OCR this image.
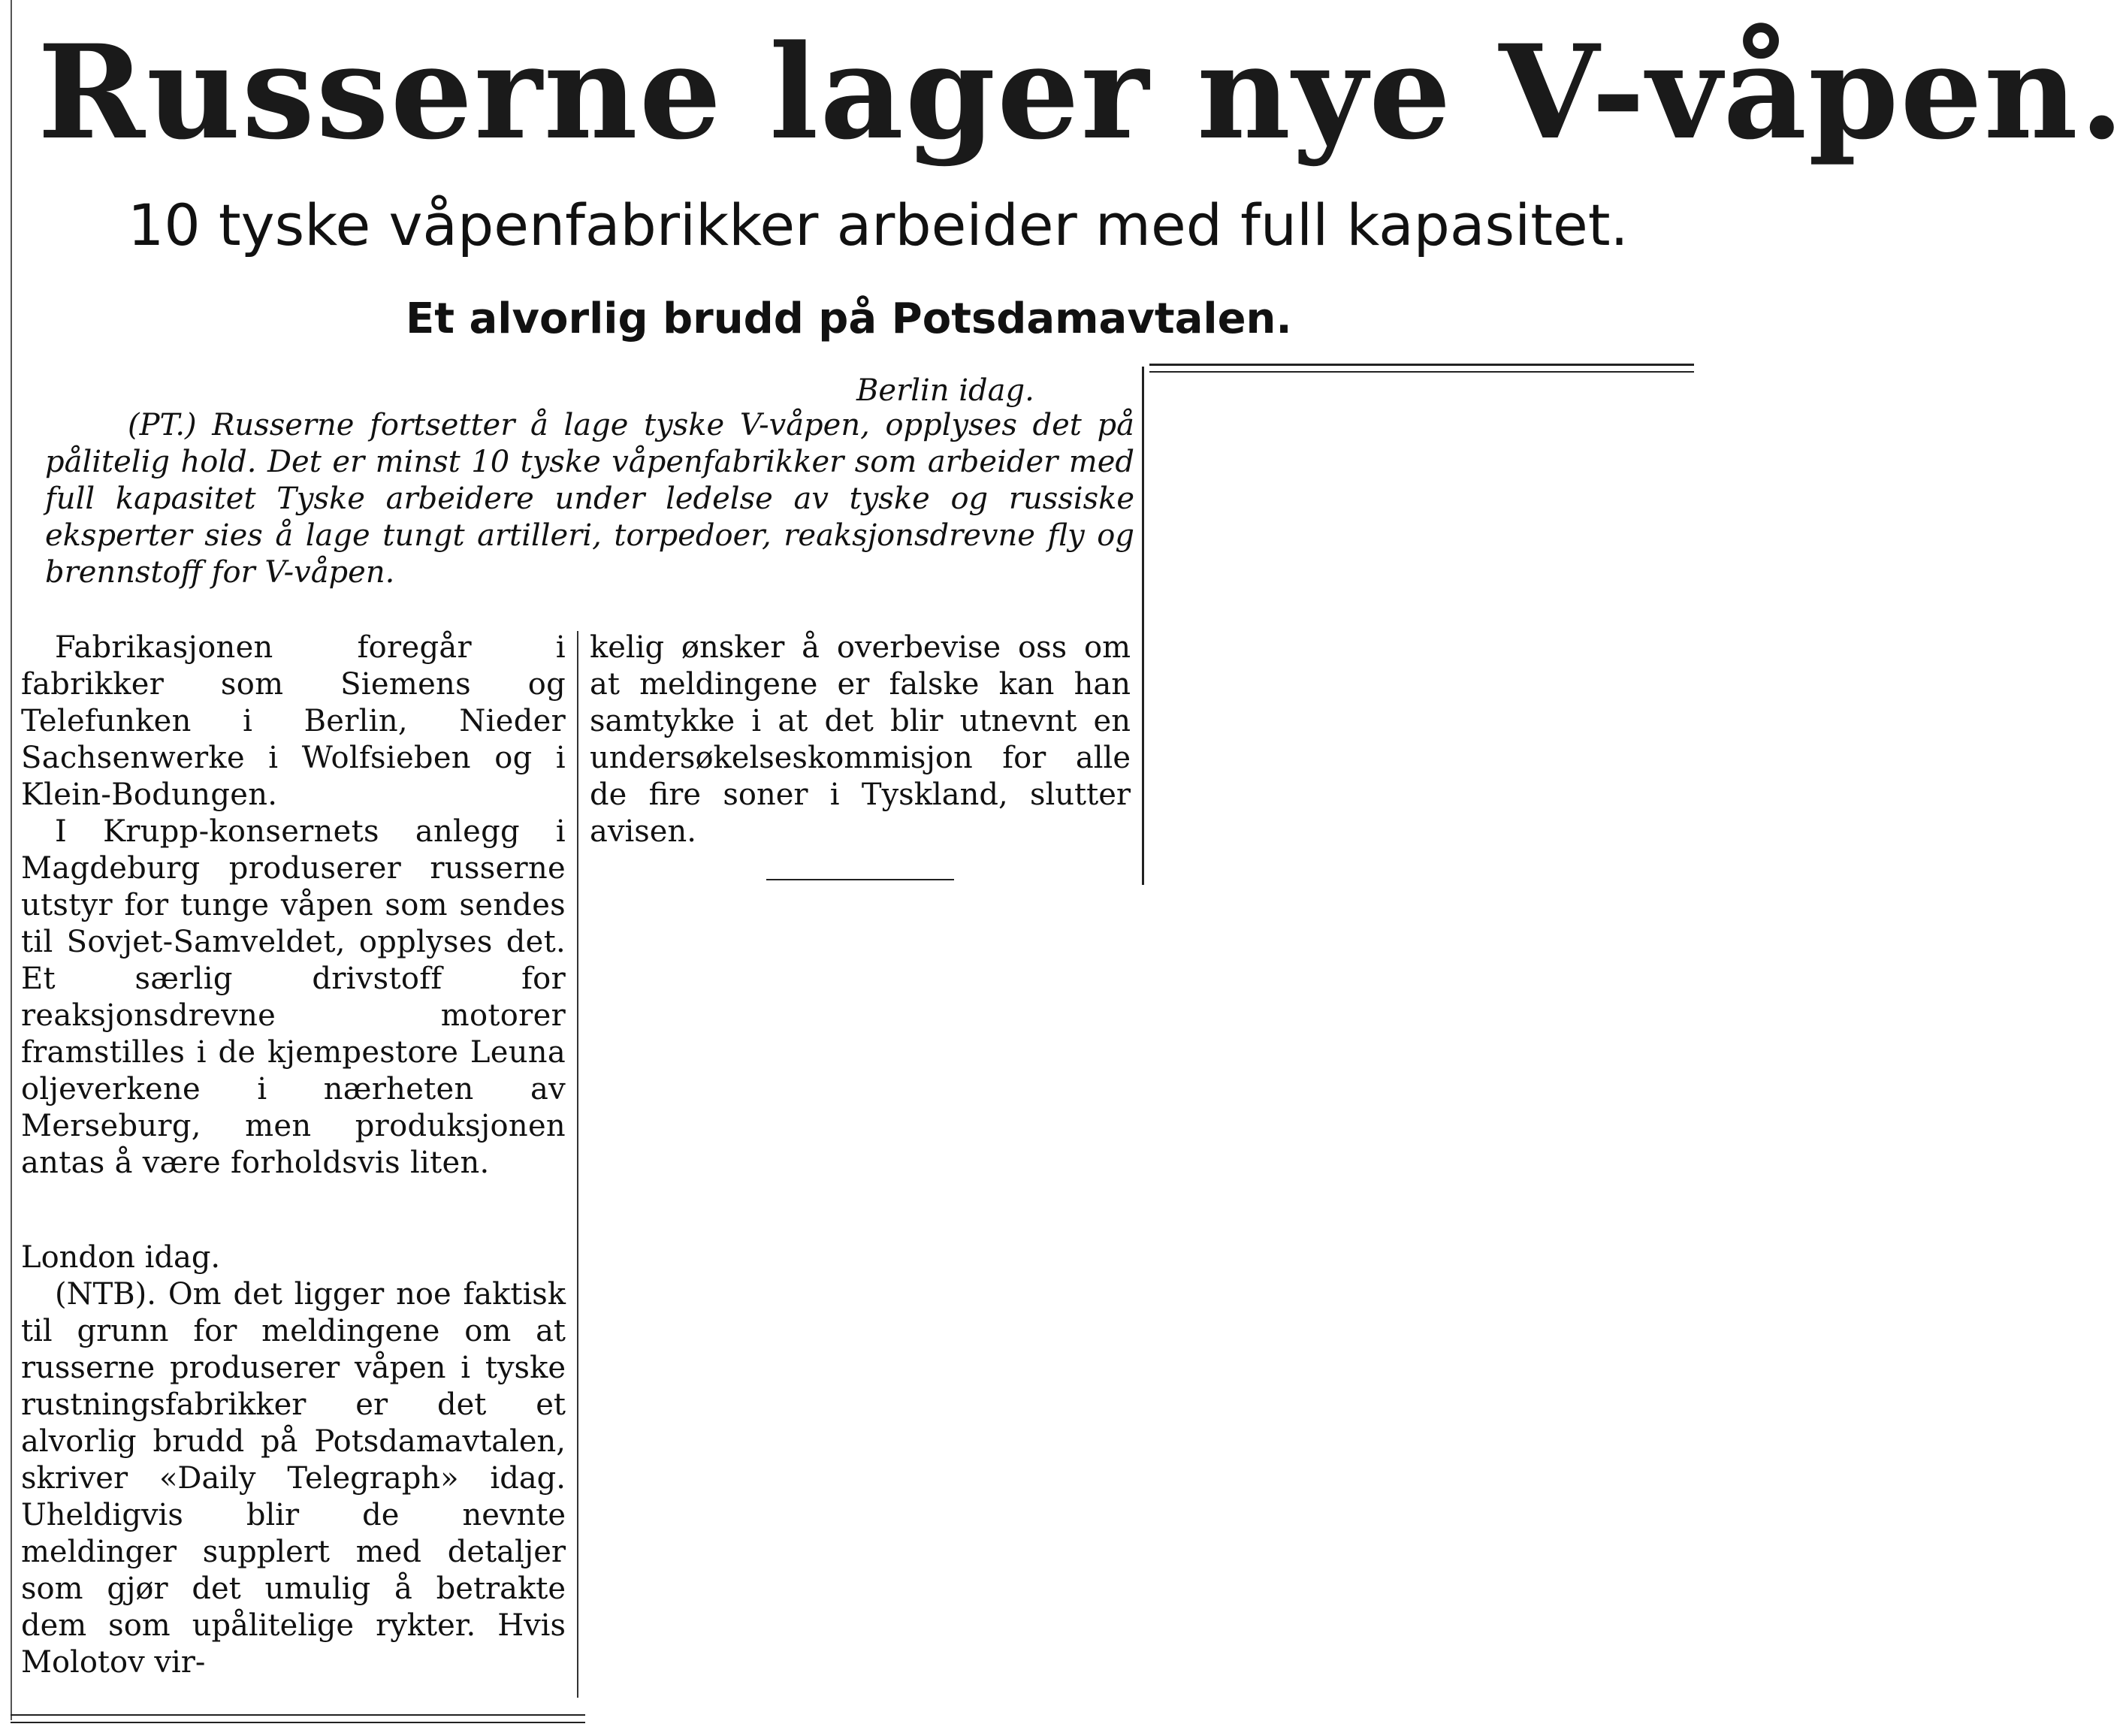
Russerne lager nye V-våpen.
10 tyske våpenfabrikker arbeider med full kapasitet.
Et alvorlig brudd på Potsdamavtalen.
Berlin idag.

(PT.) Russerne fortsetter å lage tyske V-våpen, opplyses det på pålitelig hold. Det er minst 10 tyske våpenfabrikker som arbeider med full kapasitet Tyske arbeidere under ledelse av tyske og russiske eksperter sies å lage tungt artilleri, torpedoer, reaksjonsdrevne fly og brennstoff for V-våpen.

Fabrikasjonen foregår i fabrikker som Siemens og Telefunken i Berlin, Nieder Sachsenwerke i Wolfsieben og i Klein-Bodungen.

I Krupp-konsernets anlegg i Magdeburg produserer russerne utstyr for tunge våpen som sendes til Sovjet-Samveldet, opplyses det. Et særlig drivstoff for reaksjonsdrevne motorer framstilles i de kjempestore Leuna oljeverkene i nærheten av Merseburg, men produksjonen antas å være forholdsvis liten.

London idag.

(NTB). Om det ligger noe faktisk til grunn for meldingene om at russerne produserer våpen i tyske rustningsfabrikker er det et alvorlig brudd på Potsdamavtalen, skriver «Daily Telegraph» idag. Uheldigvis blir de nevnte meldinger supplert med detaljer som gjør det umulig å betrakte dem som upålitelige rykter. Hvis Molotov vir-

kelig ønsker å overbevise oss om at meldingene er falske kan han samtykke i at det blir utnevnt en undersøkelseskommisjon for alle de fire soner i Tyskland, slutter avisen.
